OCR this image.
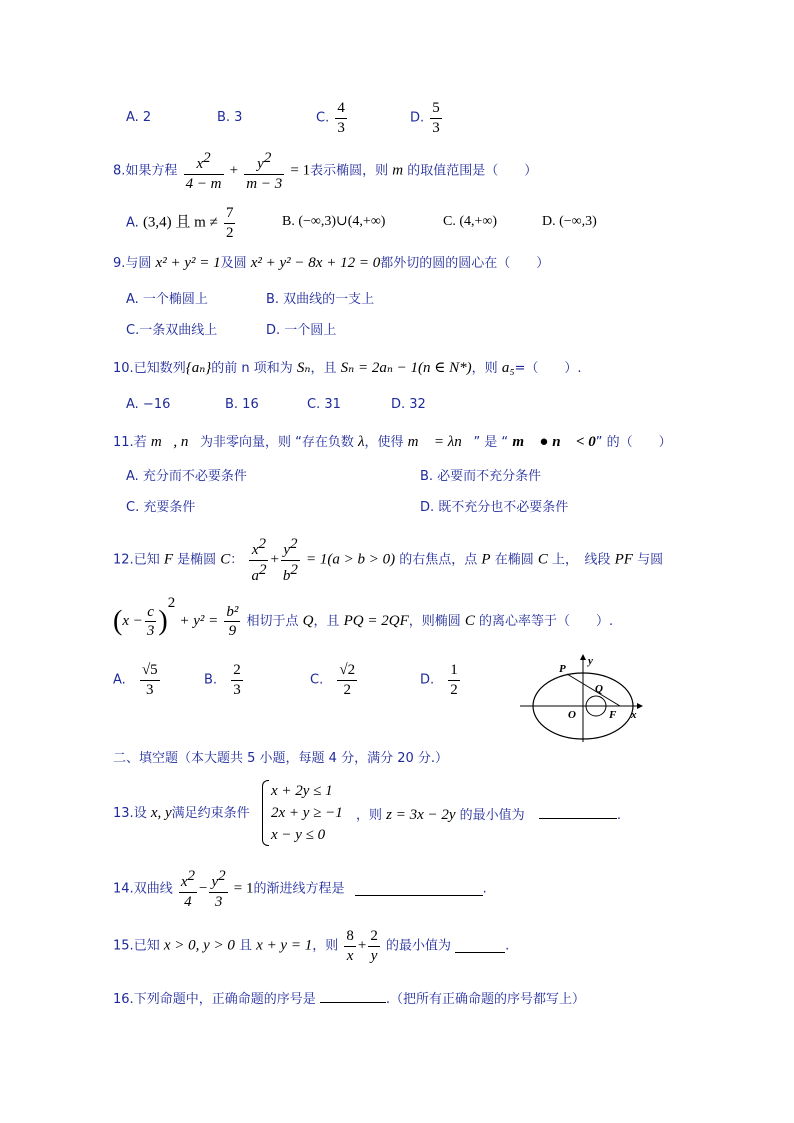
A. 2	B. 3	C. $\frac{4}{3}$	D. $\frac{5}{3}$
8.如果方程 $\frac{x^2}{4 - m} + \frac{y^2}{m - 3} = 1$表示椭圆，则 m 的取值范围是（　　）
A. (3,4) 且 $m \ne \frac{7}{2}$	B. (−∞,3)∪(4,+∞)	C. (4,+∞)	D. (−∞,3)
9.与圆 x² + y² = 1及圆 x² + y² − 8x + 12 = 0都外切的圆的圆心在（　　）
A. 一个椭圆上	B. 双曲线的一支上
C.一条双曲线上	D. 一个圆上
10.已知数列{aₙ}的前 n 项和为 Sₙ，且 Sₙ = 2aₙ − 1(n ∈ N*)，则 a₅=（　　）.
A. −16	B. 16	C. 31	D. 32
11.若 m⃗, n⃗为非零向量，则 “存在负数 λ，使得 m⃗ = λn⃗” 是 “ m⃗ ● n⃗ < 0” 的（　　）
A. 充分而不必要条件	B. 必要而不充分条件
C. 充要条件	D. 既不充分也不必要条件
12.已知 F 是椭圆 C： $\frac{x^2}{a^2} + \frac{y^2}{b^2} = 1(a > b > 0)$ 的右焦点，点 P 在椭圆 C 上，　线段 PF 与圆
$(x - \frac{c}{3} )^2 + y^2 = \frac{\text{b²}}{9}$ 相切于点 Q，且 PQ = 2QF，则椭圆 C 的离心率等于（　　）.
A. $\frac{√5}{3}$	B. $\frac{2}{3}$	C. $\frac{√2}{2}$	D. $\frac{1}{2}$	P
y
Q
O	F x
二、填空题（本大题共 5 小题，每题 4 分，满分 20 分.）
13.设 x, y满足约束条件
x + 2y ≤ 1
2x + y ≥ −1
x − y ≤ 0
，则 z = 3x − 2y 的最小值为	.
14.双曲线 $\frac{x^2}{4} - \frac{y^2}{3} = 1$的渐进线方程是	.
15.已知 x > 0, y > 0 且 x + y = 1，则 $\frac{8}{x} + \frac{2}{y}$ 的最小值为	.
16.下列命题中，正确命题的序号是	.（把所有正确命题的序号都写上）
